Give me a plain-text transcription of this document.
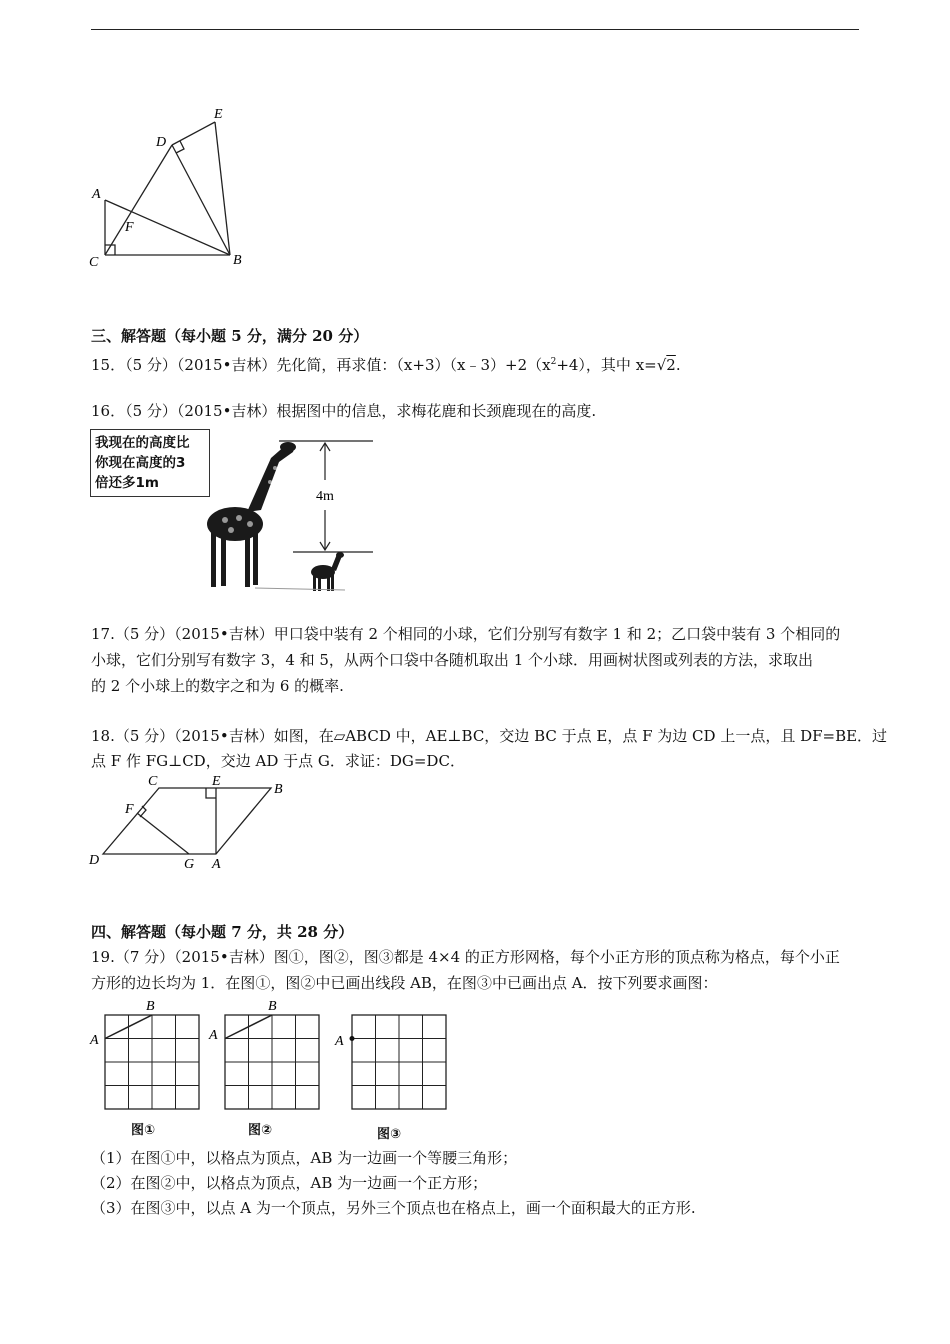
E
D
A
F
C	B
三、解答题（每小题 5 分，满分 20 分）
15．（5 分）（2015•吉林）先化简，再求值：$(x+3)(x﹣3)+2(x^2+4)$，其中 x=√2.
16．（5 分）（2015•吉林）根据图中的信息，求梅花鹿和长颈鹿现在的高度.
我现在的高度比
你现在高度的3
倍还多1m
4m
17.（5 分）（2015•吉林）甲口袋中装有 2 个相同的小球，它们分别写有数字 1 和 2；乙口袋中装有 3 个相同的
小球，它们分别写有数字 3，4 和 5，从两个口袋中各随机取出 1 个小球．用画树状图或列表的方法，求取出
的 2 个小球上的数字之和为 6 的概率.
18.（5 分）（2015•吉林）如图，在▱ABCD 中，AE⊥BC，交边 BC 于点 E，点 F 为边 CD 上一点，且 DF=BE．过
点 F 作 FG⊥CD，交边 AD 于点 G．求证：DG=DC．
C	E
B
F
D	G A
四、解答题（每小题 7 分，共 28 分）
19.（7 分）（2015•吉林）图①，图②，图③都是 4×4 的正方形网格，每个小正方形的顶点称为格点，每个小正
方形的边长均为 1．在图①，图②中已画出线段 AB，在图③中已画出点 A．按下列要求画图：
B
A
B
A	A
图①	图②	图③
（1）在图①中，以格点为顶点，AB 为一边画一个等腰三角形；
（2）在图②中，以格点为顶点，AB 为一边画一个正方形；
（3）在图③中，以点 A 为一个顶点，另外三个顶点也在格点上，画一个面积最大的正方形.
